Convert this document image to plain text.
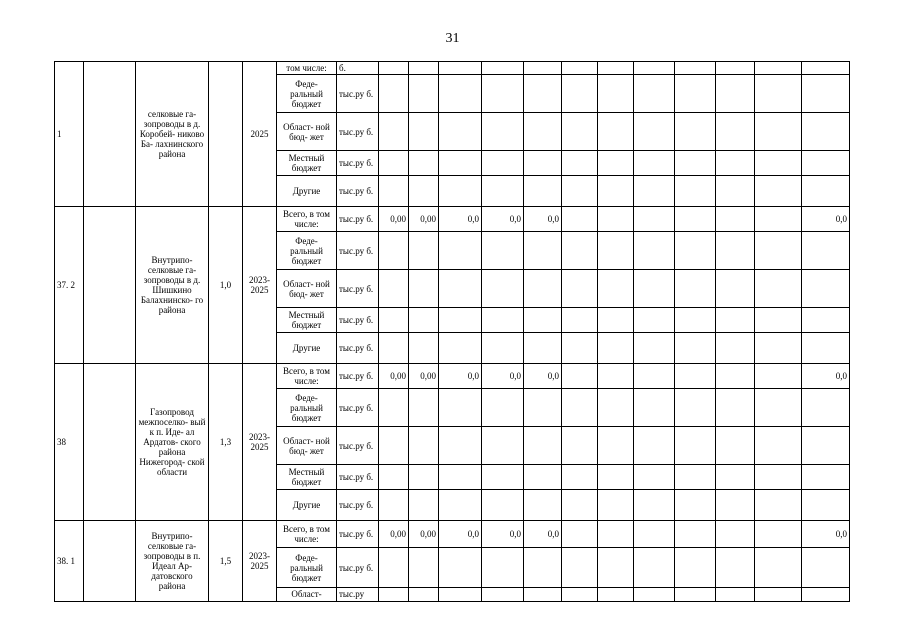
31
1		селковые га- зопроводы в д. Коробей- никово Ба- лахнинского района		2025	том числе:	б.													
					Феде- ральный бюджет	тыс.ру б.													
					Област- ной бюд- жет	тыс.ру б.													
					Местный бюджет	тыс.ру б.													
					Другие	тыс.ру б.													
37. 2		Внутрипо- селковые га- зопроводы в д. Шишкино Балахнинско- го района	1,0	2023- 2025	Всего, в том числе:	тыс.ру б.	0,00	0,00	0,0	0,0	0,0							0,0	
					Феде- ральный бюджет	тыс.ру б.													
					Област- ной бюд- жет	тыс.ру б.													
					Местный бюджет	тыс.ру б.													
					Другие	тыс.ру б.													
38		Газопровод межпоселко- вый к п. Иде- ал Ардатов- ского района Нижегород- ской области	1,3	2023- 2025	Всего, в том числе:	тыс.ру б.	0,00	0,00	0,0	0,0	0,0							0,0	
					Феде- ральный бюджет	тыс.ру б.													
					Област- ной бюд- жет	тыс.ру б.													
					Местный бюджет	тыс.ру б.													
					Другие	тыс.ру б.													
38. 1		Внутрипо- селковые га- зопроводы в п. Идеал Ар- датовского района	1,5	2023- 2025	Всего, в том числе:	тыс.ру б.	0,00	0,00	0,0	0,0	0,0							0,0	
					Феде- ральный бюджет	тыс.ру б.													
					Област-	тыс.ру													
